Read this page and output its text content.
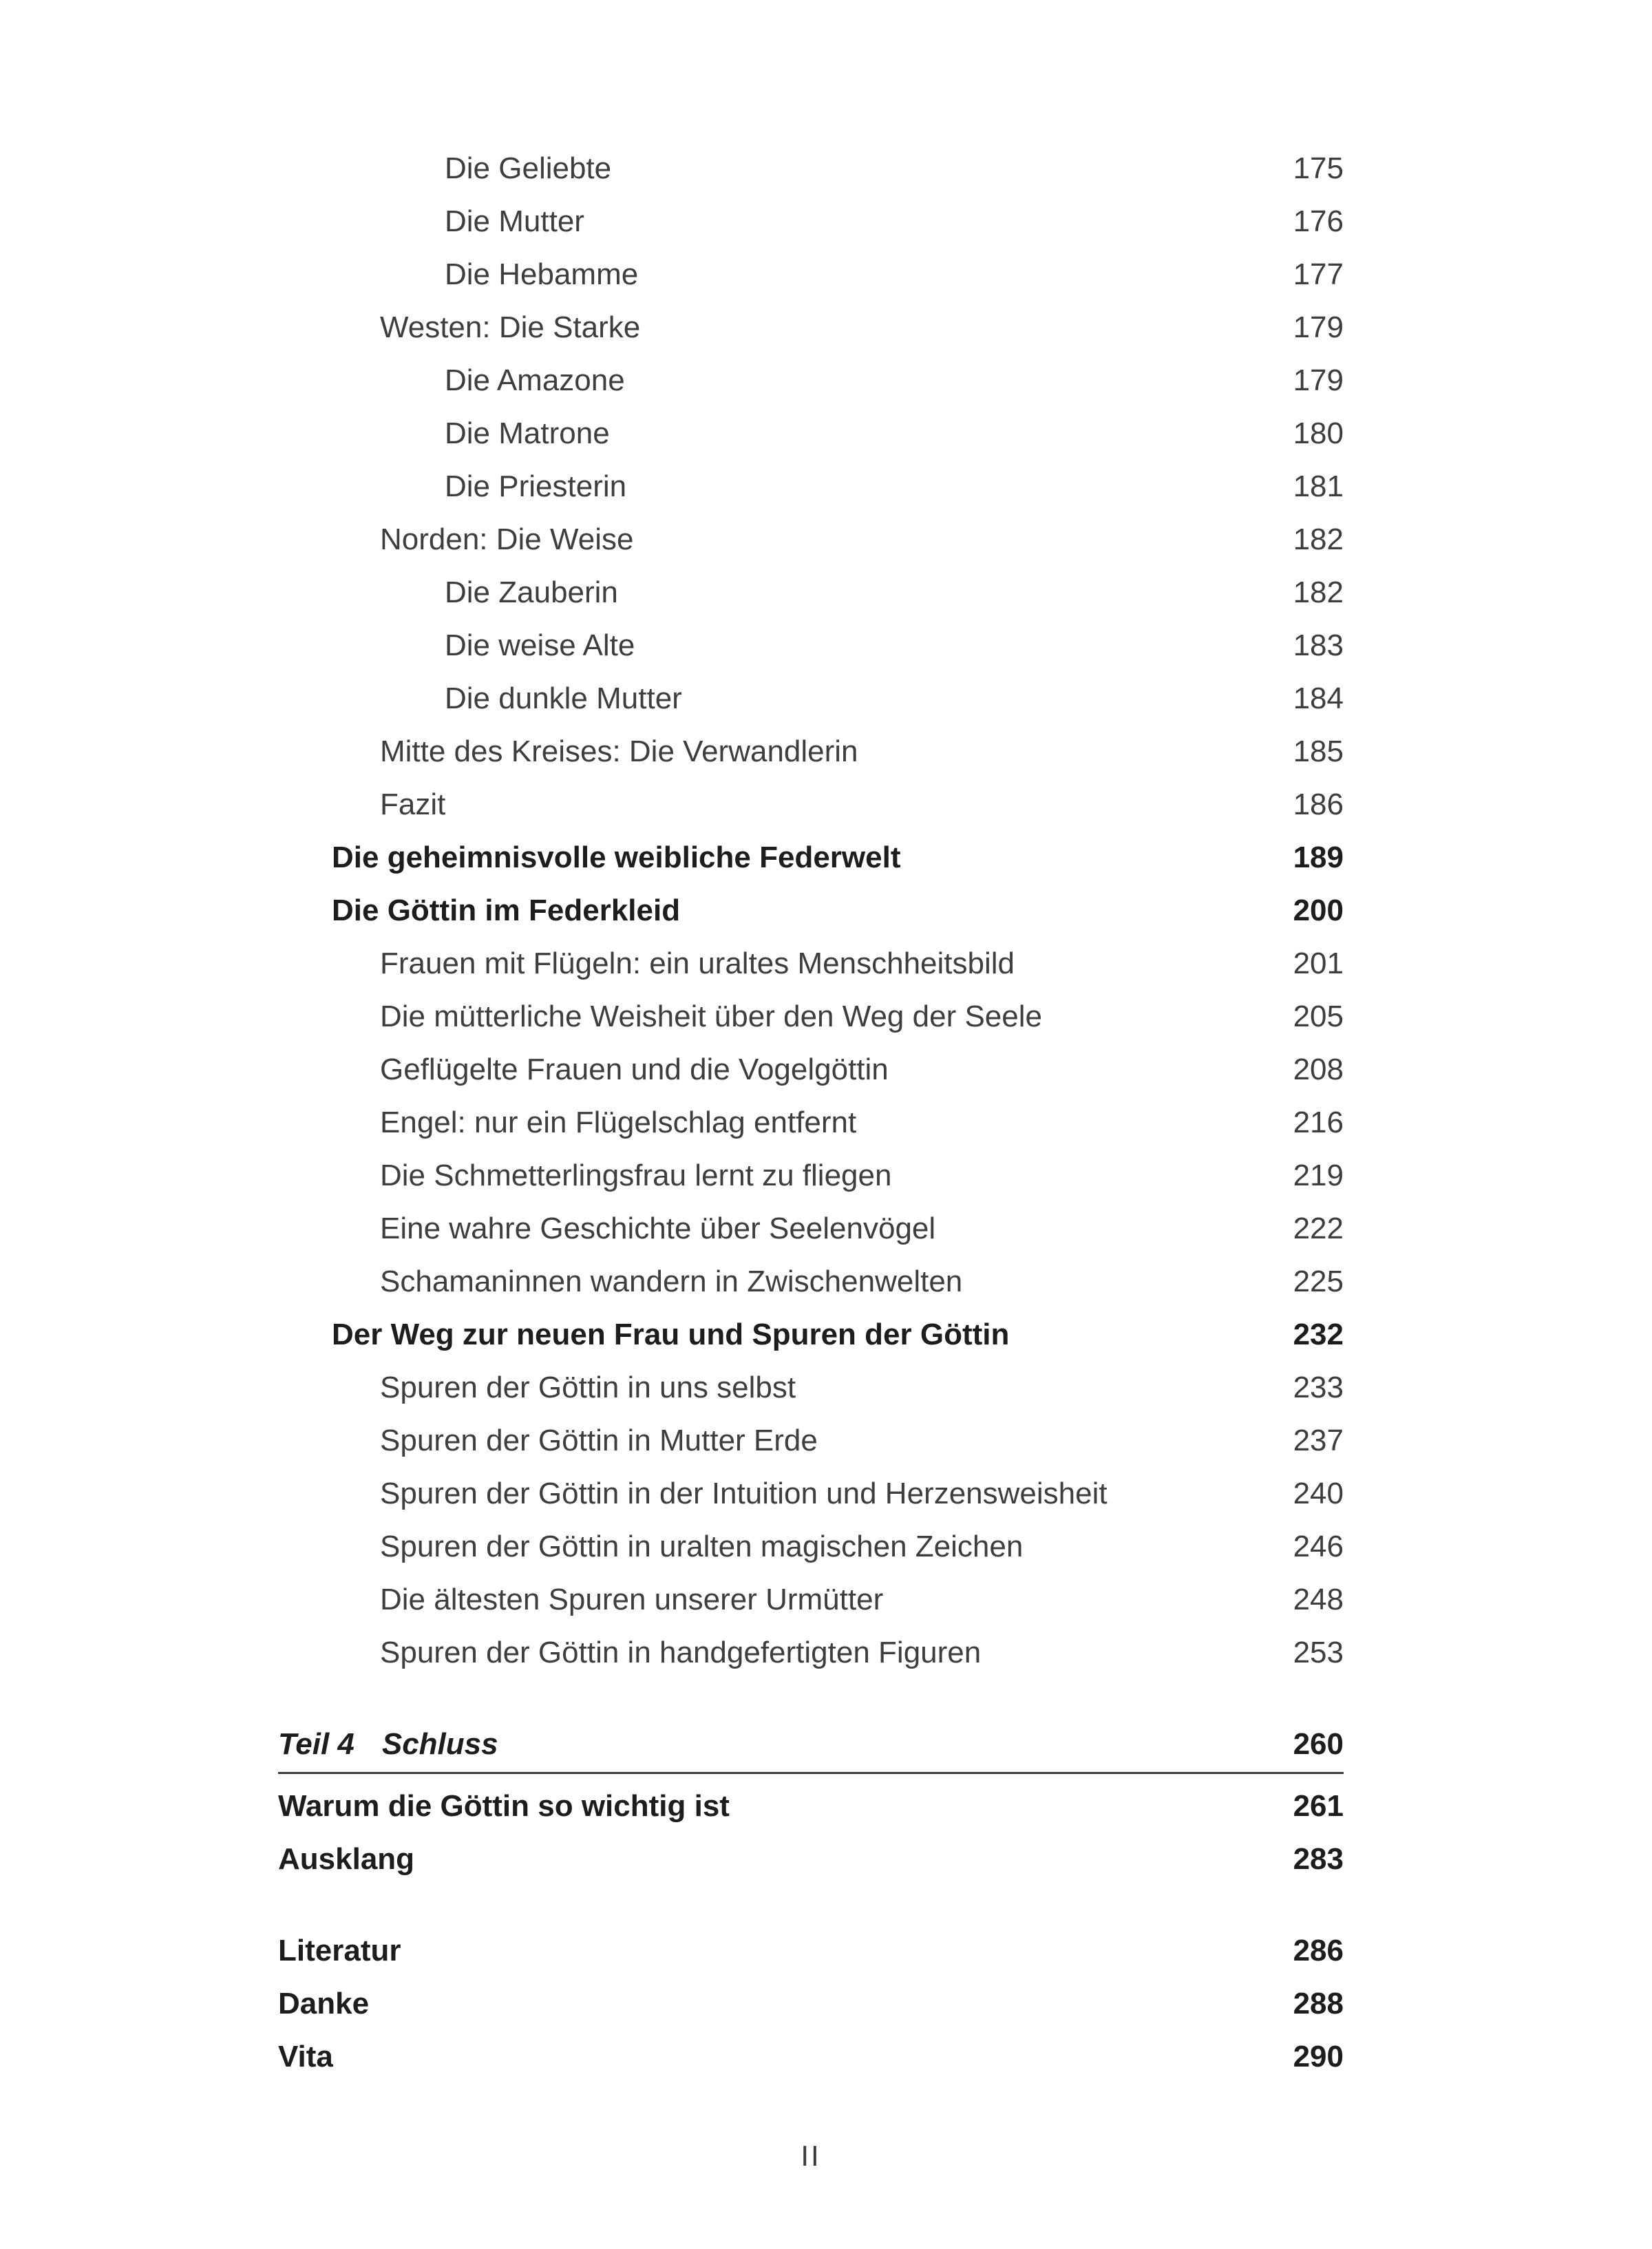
Die Geliebte	175
Die Mutter	176
Die Hebamme	177
Westen: Die Starke	179
Die Amazone	179
Die Matrone	180
Die Priesterin	181
Norden: Die Weise	182
Die Zauberin	182
Die weise Alte	183
Die dunkle Mutter	184
Mitte des Kreises: Die Verwandlerin	185
Fazit	186
Die geheimnisvolle weibliche Federwelt	189
Die Göttin im Federkleid	200
Frauen mit Flügeln: ein uraltes Menschheitsbild	201
Die mütterliche Weisheit über den Weg der Seele	205
Geflügelte Frauen und die Vogelgöttin	208
Engel: nur ein Flügelschlag entfernt	216
Die Schmetterlingsfrau lernt zu fliegen	219
Eine wahre Geschichte über Seelenvögel	222
Schamaninnen wandern in Zwischenwelten	225
Der Weg zur neuen Frau und Spuren der Göttin	232
Spuren der Göttin in uns selbst	233
Spuren der Göttin in Mutter Erde	237
Spuren der Göttin in der Intuition und Herzensweisheit	240
Spuren der Göttin in uralten magischen Zeichen	246
Die ältesten Spuren unserer Urmütter	248
Spuren der Göttin in handgefertigten Figuren	253
Teil 4 Schluss	260
Warum die Göttin so wichtig ist	261
Ausklang	283
Literatur	286
Danke	288
Vita	290
II
